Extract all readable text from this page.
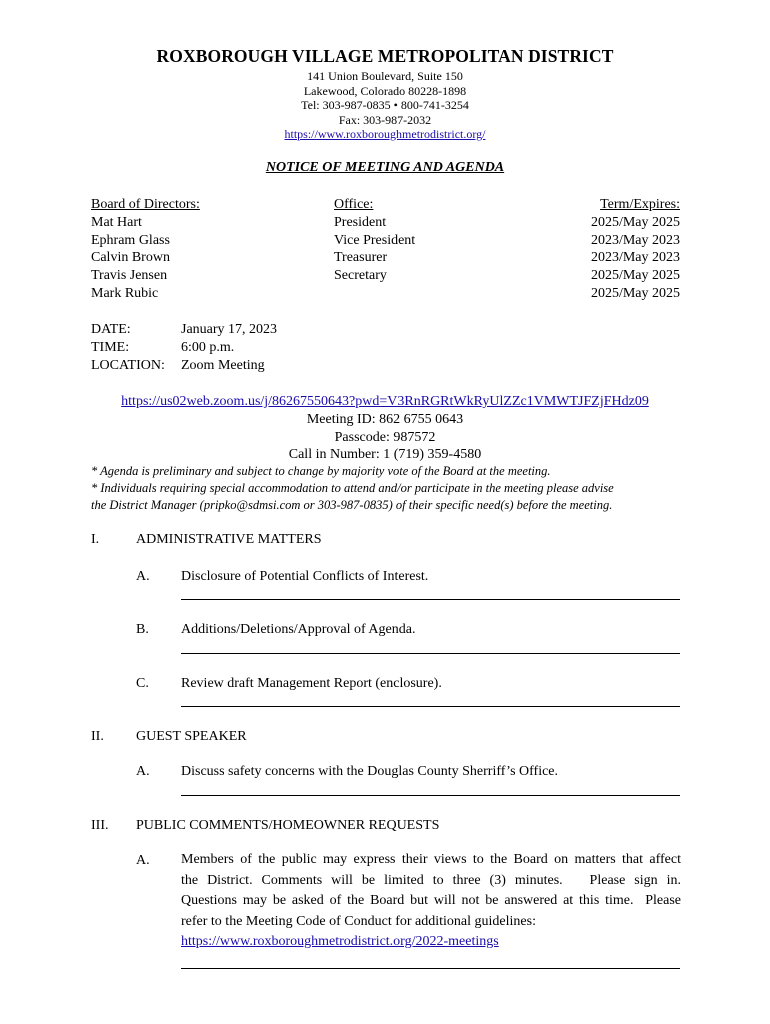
ROXBOROUGH VILLAGE METROPOLITAN DISTRICT
141 Union Boulevard, Suite 150
Lakewood, Colorado 80228-1898
Tel: 303-987-0835 • 800-741-3254
Fax: 303-987-2032
https://www.roxboroughmetrodistrict.org/
NOTICE OF MEETING AND AGENDA
Board of Directors:
Mat Hart
Ephram Glass
Calvin Brown
Travis Jensen
Mark Rubic
Office:
President
Vice President
Treasurer
Secretary
Term/Expires:
2025/May 2025
2023/May 2023
2023/May 2023
2025/May 2025
2025/May 2025
DATE:
TIME:
LOCATION:
January 17, 2023
6:00 p.m.
Zoom Meeting
https://us02web.zoom.us/j/86267550643?pwd=V3RnRGRtWkRyUlZZc1VMWTJFZjFHdz09
Meeting ID: 862 6755 0643
Passcode: 987572
Call in Number: 1 (719) 359-4580
* Agenda is preliminary and subject to change by majority vote of the Board at the meeting.
* Individuals requiring special accommodation to attend and/or participate in the meeting please advise
the District Manager (pripko@sdmsi.com or 303-987-0835) of their specific need(s) before the meeting.
I.	ADMINISTRATIVE MATTERS
A. Disclosure of Potential Conflicts of Interest.
B. Additions/Deletions/Approval of Agenda.
C. Review draft Management Report (enclosure).
II. GUEST SPEAKER
A. Discuss safety concerns with the Douglas County Sherriff’s Office.
III. PUBLIC COMMENTS/HOMEOWNER REQUESTS
A. Members of the public may express their views to the Board on matters that affect
the District. Comments will be limited to three (3) minutes.   Please sign in.
Questions may be asked of the Board but will not be answered at this time.  Please
refer to the Meeting Code of Conduct for additional guidelines:
https://www.roxboroughmetrodistrict.org/2022-meetings
